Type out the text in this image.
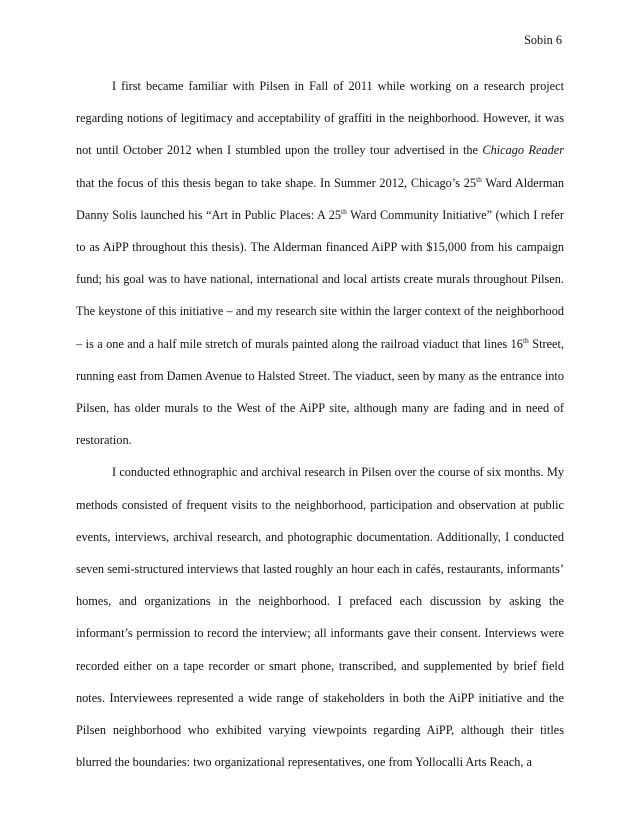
Sobin 6

I first became familiar with Pilsen in Fall of 2011 while working on a research project regarding notions of legitimacy and acceptability of graffiti in the neighborhood. However, it was not until October 2012 when I stumbled upon the trolley tour advertised in the Chicago Reader that the focus of this thesis began to take shape. In Summer 2012, Chicago’s 25th Ward Alderman Danny Solis launched his “Art in Public Places: A 25th Ward Community Initiative” (which I refer to as AiPP throughout this thesis). The Alderman financed AiPP with $15,000 from his campaign fund; his goal was to have national, international and local artists create murals throughout Pilsen. The keystone of this initiative – and my research site within the larger context of the neighborhood – is a one and a half mile stretch of murals painted along the railroad viaduct that lines 16th Street, running east from Damen Avenue to Halsted Street. The viaduct, seen by many as the entrance into Pilsen, has older murals to the West of the AiPP site, although many are fading and in need of restoration.

I conducted ethnographic and archival research in Pilsen over the course of six months. My methods consisted of frequent visits to the neighborhood, participation and observation at public events, interviews, archival research, and photographic documentation. Additionally, I conducted seven semi-structured interviews that lasted roughly an hour each in cafés, restaurants, informants’ homes, and organizations in the neighborhood. I prefaced each discussion by asking the informant’s permission to record the interview; all informants gave their consent. Interviews were recorded either on a tape recorder or smart phone, transcribed, and supplemented by brief field notes. Interviewees represented a wide range of stakeholders in both the AiPP initiative and the Pilsen neighborhood who exhibited varying viewpoints regarding AiPP, although their titles blurred the boundaries: two organizational representatives, one from Yollocalli Arts Reach, a
